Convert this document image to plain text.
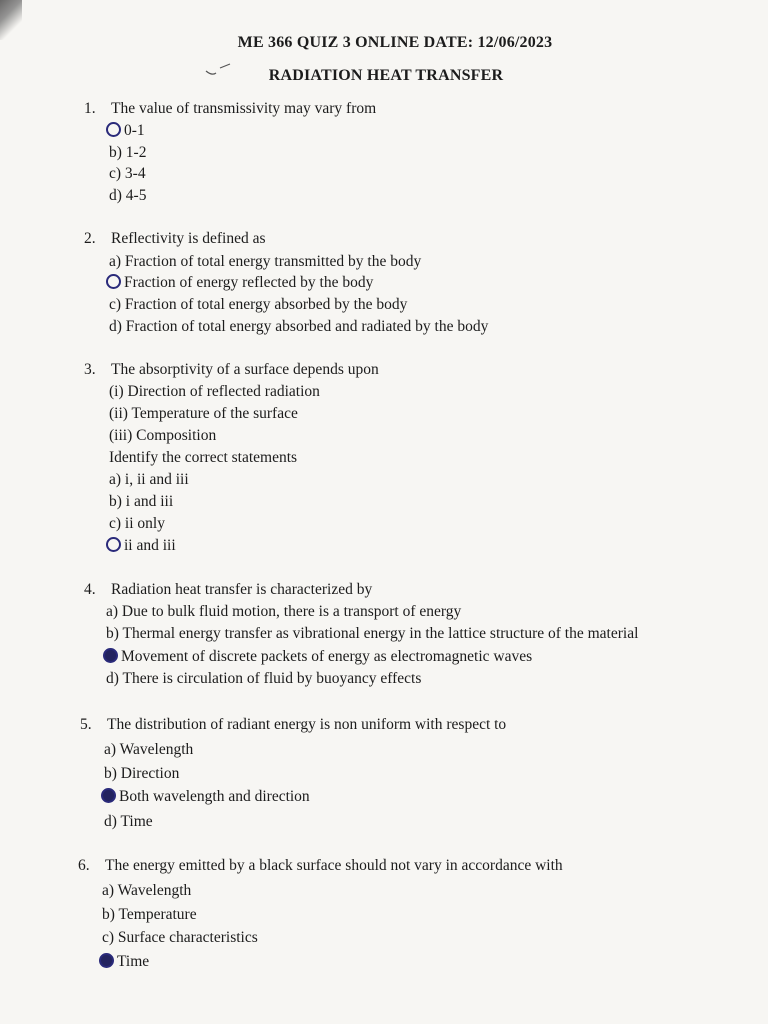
ME 366 QUIZ 3 ONLINE DATE: 12/06/2023
RADIATION HEAT TRANSFER
1. The value of transmissivity may vary from
0-1
b) 1-2
c) 3-4
d) 4-5
2. Reflectivity is defined as
a) Fraction of total energy transmitted by the body
Fraction of energy reflected by the body
c) Fraction of total energy absorbed by the body
d) Fraction of total energy absorbed and radiated by the body
3. The absorptivity of a surface depends upon
(i) Direction of reflected radiation
(ii) Temperature of the surface
(iii) Composition
Identify the correct statements
a) i, ii and iii
b) i and iii
c) ii only
ii and iii
4. Radiation heat transfer is characterized by
a) Due to bulk fluid motion, there is a transport of energy
b) Thermal energy transfer as vibrational energy in the lattice structure of the material
Movement of discrete packets of energy as electromagnetic waves
d) There is circulation of fluid by buoyancy effects
5. The distribution of radiant energy is non uniform with respect to
a) Wavelength
b) Direction
Both wavelength and direction
d) Time
6. The energy emitted by a black surface should not vary in accordance with
a) Wavelength
b) Temperature
c) Surface characteristics
Time
